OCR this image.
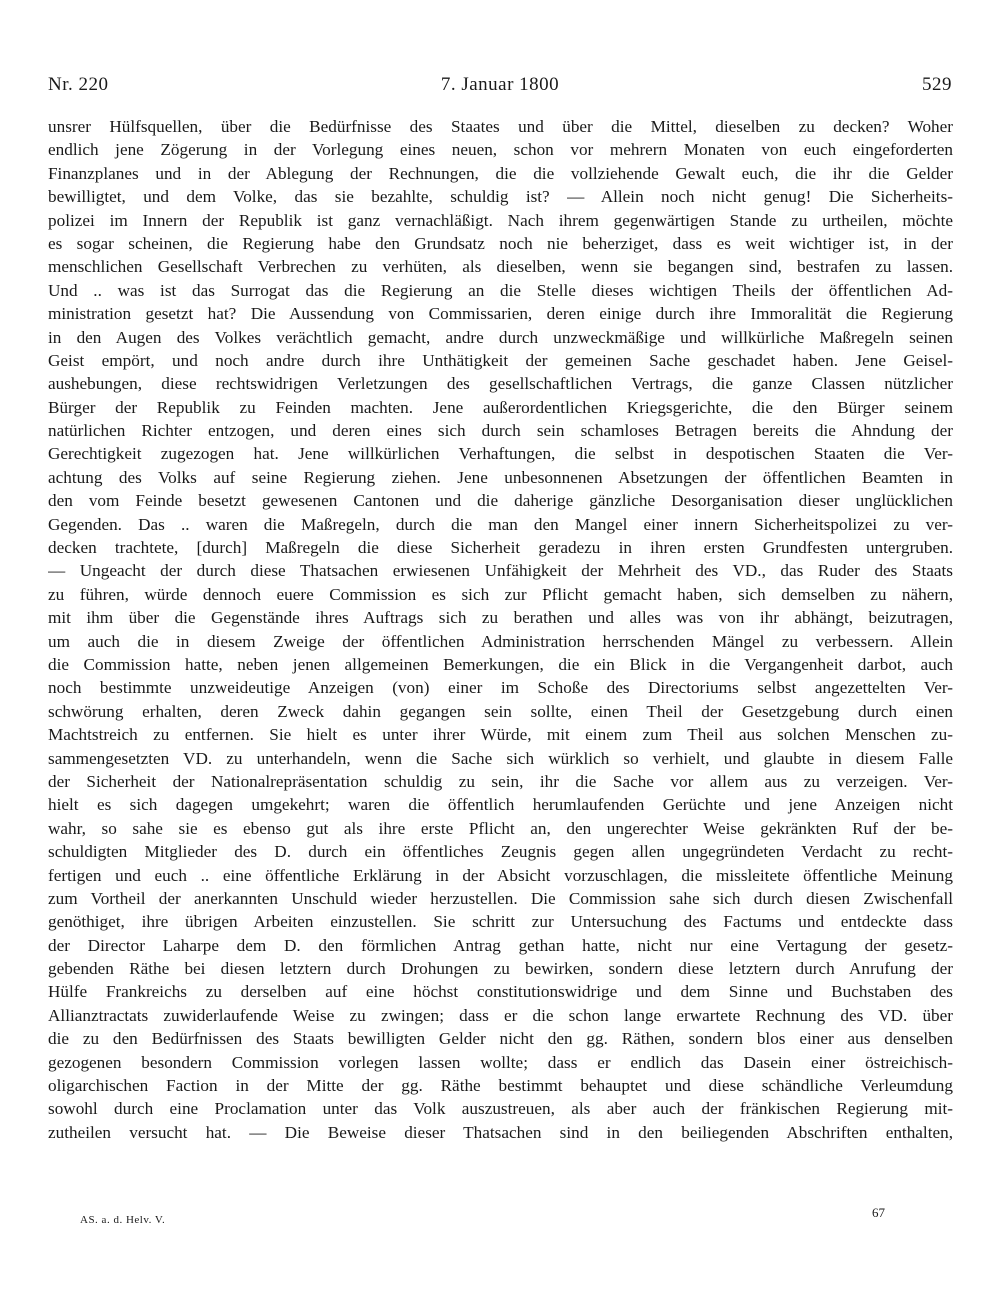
Nr. 220	7. Januar 1800	529
unsrer Hülfsquellen, über die Bedürfnisse des Staates und über die Mittel, dieselben zu decken? Woher
endlich jene Zögerung in der Vorlegung eines neuen, schon vor mehrern Monaten von euch eingeforderten
Finanzplanes und in der Ablegung der Rechnungen, die die vollziehende Gewalt euch, die ihr die Gelder
bewilligtet, und dem Volke, das sie bezahlte, schuldig ist? — Allein noch nicht genug! Die Sicherheits-
polizei im Innern der Republik ist ganz vernachläßigt. Nach ihrem gegenwärtigen Stande zu urtheilen, möchte
es sogar scheinen, die Regierung habe den Grundsatz noch nie beherziget, dass es weit wichtiger ist, in der
menschlichen Gesellschaft Verbrechen zu verhüten, als dieselben, wenn sie begangen sind, bestrafen zu lassen.
Und .. was ist das Surrogat das die Regierung an die Stelle dieses wichtigen Theils der öffentlichen Ad-
ministration gesetzt hat? Die Aussendung von Commissarien, deren einige durch ihre Immoralität die Regierung
in den Augen des Volkes verächtlich gemacht, andre durch unzweckmäßige und willkürliche Maßregeln seinen
Geist empört, und noch andre durch ihre Unthätigkeit der gemeinen Sache geschadet haben. Jene Geisel-
aushebungen, diese rechtswidrigen Verletzungen des gesellschaftlichen Vertrags, die ganze Classen nützlicher
Bürger der Republik zu Feinden machten. Jene außerordentlichen Kriegsgerichte, die den Bürger seinem
natürlichen Richter entzogen, und deren eines sich durch sein schamloses Betragen bereits die Ahndung der
Gerechtigkeit zugezogen hat. Jene willkürlichen Verhaftungen, die selbst in despotischen Staaten die Ver-
achtung des Volks auf seine Regierung ziehen. Jene unbesonnenen Absetzungen der öffentlichen Beamten in
den vom Feinde besetzt gewesenen Cantonen und die daherige gänzliche Desorganisation dieser unglücklichen
Gegenden. Das .. waren die Maßregeln, durch die man den Mangel einer innern Sicherheitspolizei zu ver-
decken trachtete, [durch] Maßregeln die diese Sicherheit geradezu in ihren ersten Grundfesten untergruben.
— Ungeacht der durch diese Thatsachen erwiesenen Unfähigkeit der Mehrheit des VD., das Ruder des Staats
zu führen, würde dennoch euere Commission es sich zur Pflicht gemacht haben, sich demselben zu nähern,
mit ihm über die Gegenstände ihres Auftrags sich zu berathen und alles was von ihr abhängt, beizutragen,
um auch die in diesem Zweige der öffentlichen Administration herrschenden Mängel zu verbessern. Allein
die Commission hatte, neben jenen allgemeinen Bemerkungen, die ein Blick in die Vergangenheit darbot, auch
noch bestimmte unzweideutige Anzeigen (von) einer im Schoße des Directoriums selbst angezettelten Ver-
schwörung erhalten, deren Zweck dahin gegangen sein sollte, einen Theil der Gesetzgebung durch einen
Machtstreich zu entfernen. Sie hielt es unter ihrer Würde, mit einem zum Theil aus solchen Menschen zu-
sammengesetzten VD. zu unterhandeln, wenn die Sache sich würklich so verhielt, und glaubte in diesem Falle
der Sicherheit der Nationalrepräsentation schuldig zu sein, ihr die Sache vor allem aus zu verzeigen. Ver-
hielt es sich dagegen umgekehrt; waren die öffentlich herumlaufenden Gerüchte und jene Anzeigen nicht
wahr, so sahe sie es ebenso gut als ihre erste Pflicht an, den ungerechter Weise gekränkten Ruf der be-
schuldigten Mitglieder des D. durch ein öffentliches Zeugnis gegen allen ungegründeten Verdacht zu recht-
fertigen und euch .. eine öffentliche Erklärung in der Absicht vorzuschlagen, die missleitete öffentliche Meinung
zum Vortheil der anerkannten Unschuld wieder herzustellen. Die Commission sahe sich durch diesen Zwischenfall
genöthiget, ihre übrigen Arbeiten einzustellen. Sie schritt zur Untersuchung des Factums und entdeckte dass
der Director Laharpe dem D. den förmlichen Antrag gethan hatte, nicht nur eine Vertagung der gesetz-
gebenden Räthe bei diesen letztern durch Drohungen zu bewirken, sondern diese letztern durch Anrufung der
Hülfe Frankreichs zu derselben auf eine höchst constitutionswidrige und dem Sinne und Buchstaben des
Allianztractats zuwiderlaufende Weise zu zwingen; dass er die schon lange erwartete Rechnung des VD. über
die zu den Bedürfnissen des Staats bewilligten Gelder nicht den gg. Räthen, sondern blos einer aus denselben
gezogenen besondern Commission vorlegen lassen wollte; dass er endlich das Dasein einer östreichisch-
oligarchischen Faction in der Mitte der gg. Räthe bestimmt behauptet und diese schändliche Verleumdung
sowohl durch eine Proclamation unter das Volk auszustreuen, als aber auch der fränkischen Regierung mit-
zutheilen versucht hat. — Die Beweise dieser Thatsachen sind in den beiliegenden Abschriften enthalten,
AS. a. d. Helv. V.	67
